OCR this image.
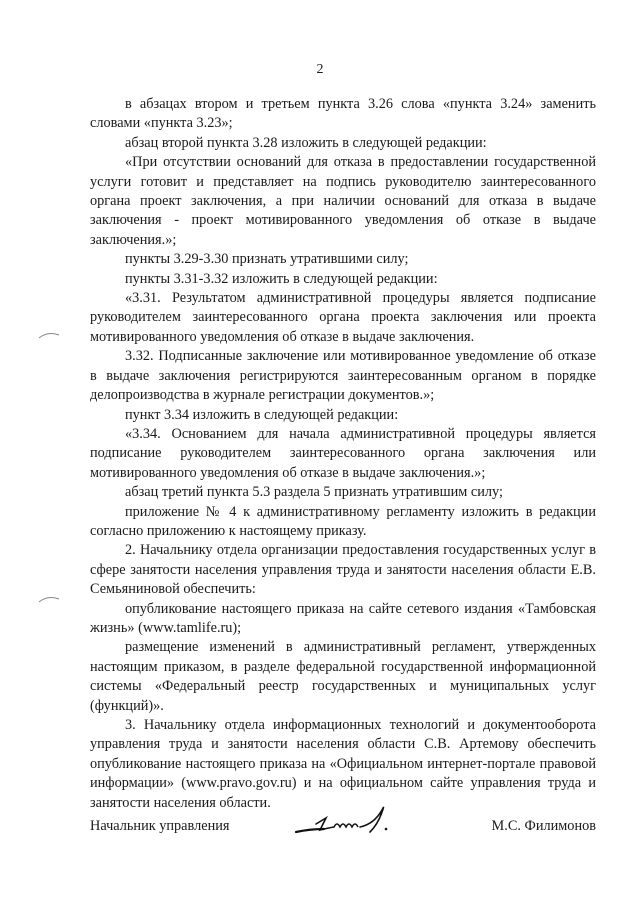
2

в абзацах втором и третьем пункта 3.26 слова «пункта 3.24» заменить словами «пункта 3.23»;

абзац второй пункта 3.28 изложить в следующей редакции:

«При отсутствии оснований для отказа в предоставлении государственной услуги готовит и представляет на подпись руководителю заинтересованного органа проект заключения, а при наличии оснований для отказа в выдаче заключения - проект мотивированного уведомления об отказе в выдаче заключения.»;

пункты 3.29-3.30 признать утратившими силу;

пункты 3.31-3.32 изложить в следующей редакции:

«3.31. Результатом административной процедуры является подписание руководителем заинтересованного органа проекта заключения или проекта мотивированного уведомления об отказе в выдаче заключения.

3.32. Подписанные заключение или мотивированное уведомление об отказе в выдаче заключения регистрируются заинтересованным органом в порядке делопроизводства в журнале регистрации документов.»;

пункт 3.34 изложить в следующей редакции:

«3.34. Основанием для начала административной процедуры является подписание руководителем заинтересованного органа заключения или мотивированного уведомления об отказе в выдаче заключения.»;

абзац третий пункта 5.3 раздела 5 признать утратившим силу;

приложение № 4 к административному регламенту изложить в редакции согласно приложению к настоящему приказу.

2. Начальнику отдела организации предоставления государственных услуг в сфере занятости населения управления труда и занятости населения области Е.В. Семьяниновой обеспечить:

опубликование настоящего приказа на сайте сетевого издания «Тамбовская жизнь» (www.tamlife.ru);

размещение изменений в административный регламент, утвержденных настоящим приказом, в разделе федеральной государственной информационной системы «Федеральный реестр государственных и муниципальных услуг (функций)».

3. Начальнику отдела информационных технологий и документооборота управления труда и занятости населения области С.В. Артемову обеспечить опубликование настоящего приказа на «Официальном интернет-портале правовой информации» (www.pravo.gov.ru) и на официальном сайте управления труда и занятости населения области.

Начальник управления	М.С. Филимонов
